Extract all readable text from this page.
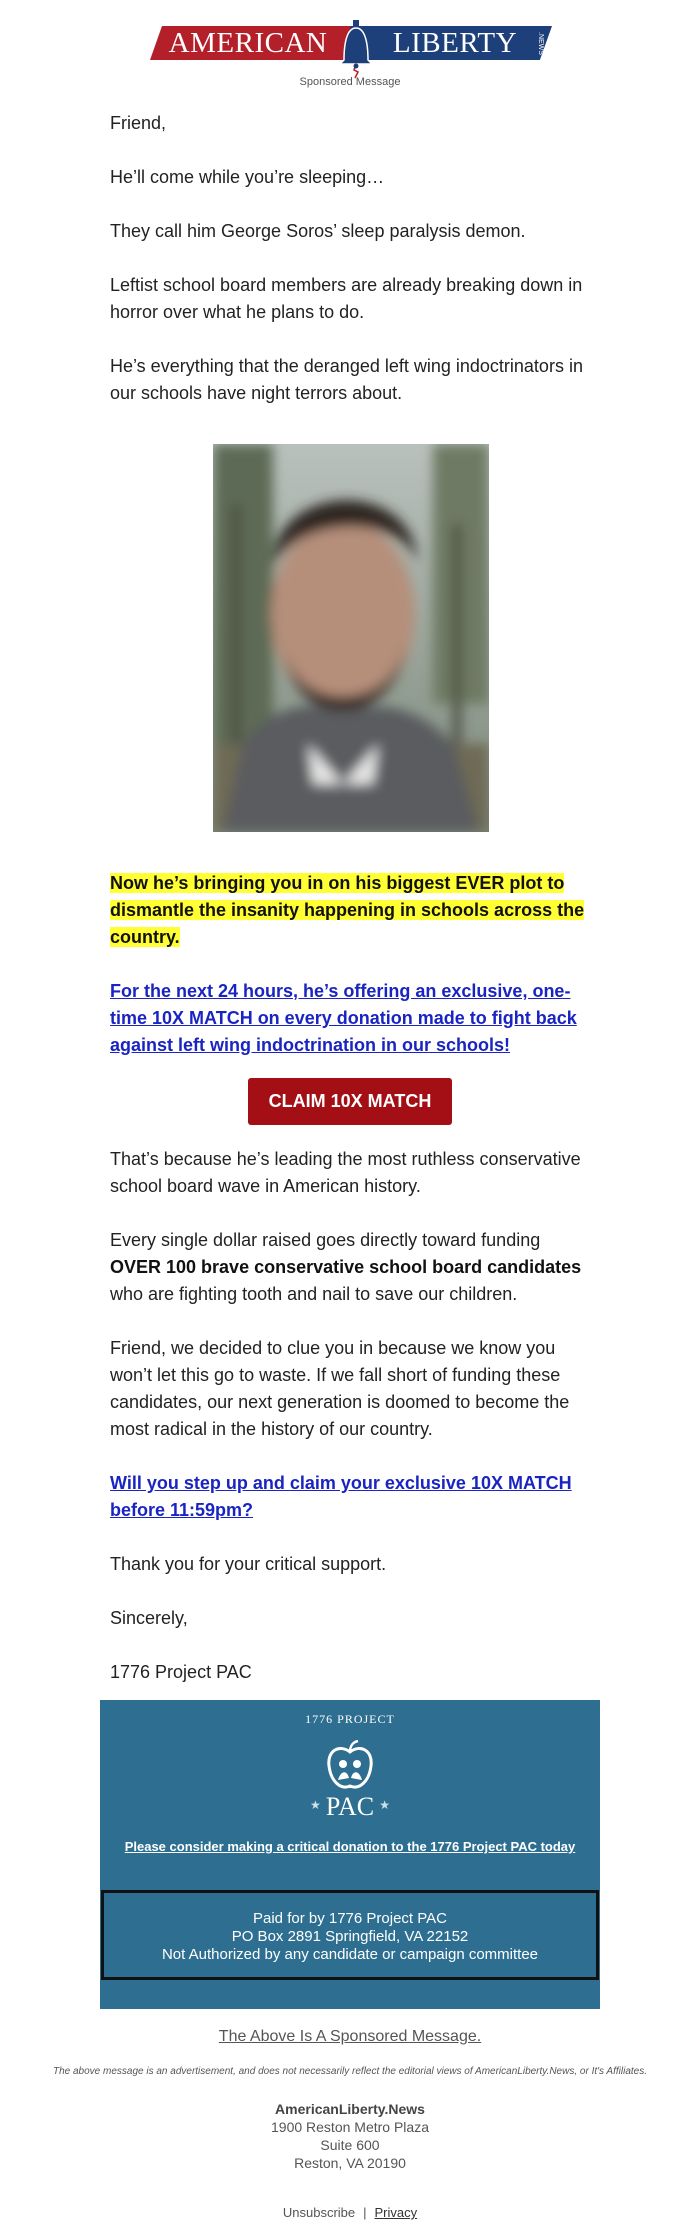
AMERICAN	LIBERTY	.NEWS
Sponsored Message
Friend,
He’ll come while you’re sleeping…
They call him George Soros’ sleep paralysis demon.
Leftist school board members are already breaking down in horror over what he plans to do.
He’s everything that the deranged left wing indoctrinators in our schools have night terrors about.
Now he’s bringing you in on his biggest EVER plot to dismantle the insanity happening in schools across the country.
For the next 24 hours, he’s offering an exclusive, one-time 10X MATCH on every donation made to fight back against left wing indoctrination in our schools!
CLAIM 10X MATCH
That’s because he’s leading the most ruthless conservative school board wave in American history.
Every single dollar raised goes directly toward funding OVER 100 brave conservative school board candidates who are fighting tooth and nail to save our children.
Friend, we decided to clue you in because we know you won’t let this go to waste. If we fall short of funding these candidates, our next generation is doomed to become the most radical in the history of our country.
Will you step up and claim your exclusive 10X MATCH before 11:59pm?
Thank you for your critical support.
Sincerely,
1776 Project PAC
1776 PROJECT
★ PAC ★
Please consider making a critical donation to the 1776 Project PAC today
Paid for by 1776 Project PAC
PO Box 2891 Springfield, VA 22152
Not Authorized by any candidate or campaign committee
The Above Is A Sponsored Message.
The above message is an advertisement, and does not necessarily reflect the editorial views of AmericanLiberty.News, or It's Affiliates.
AmericanLiberty.News
1900 Reston Metro Plaza
Suite 600
Reston, VA 20190
Unsubscribe | Privacy
